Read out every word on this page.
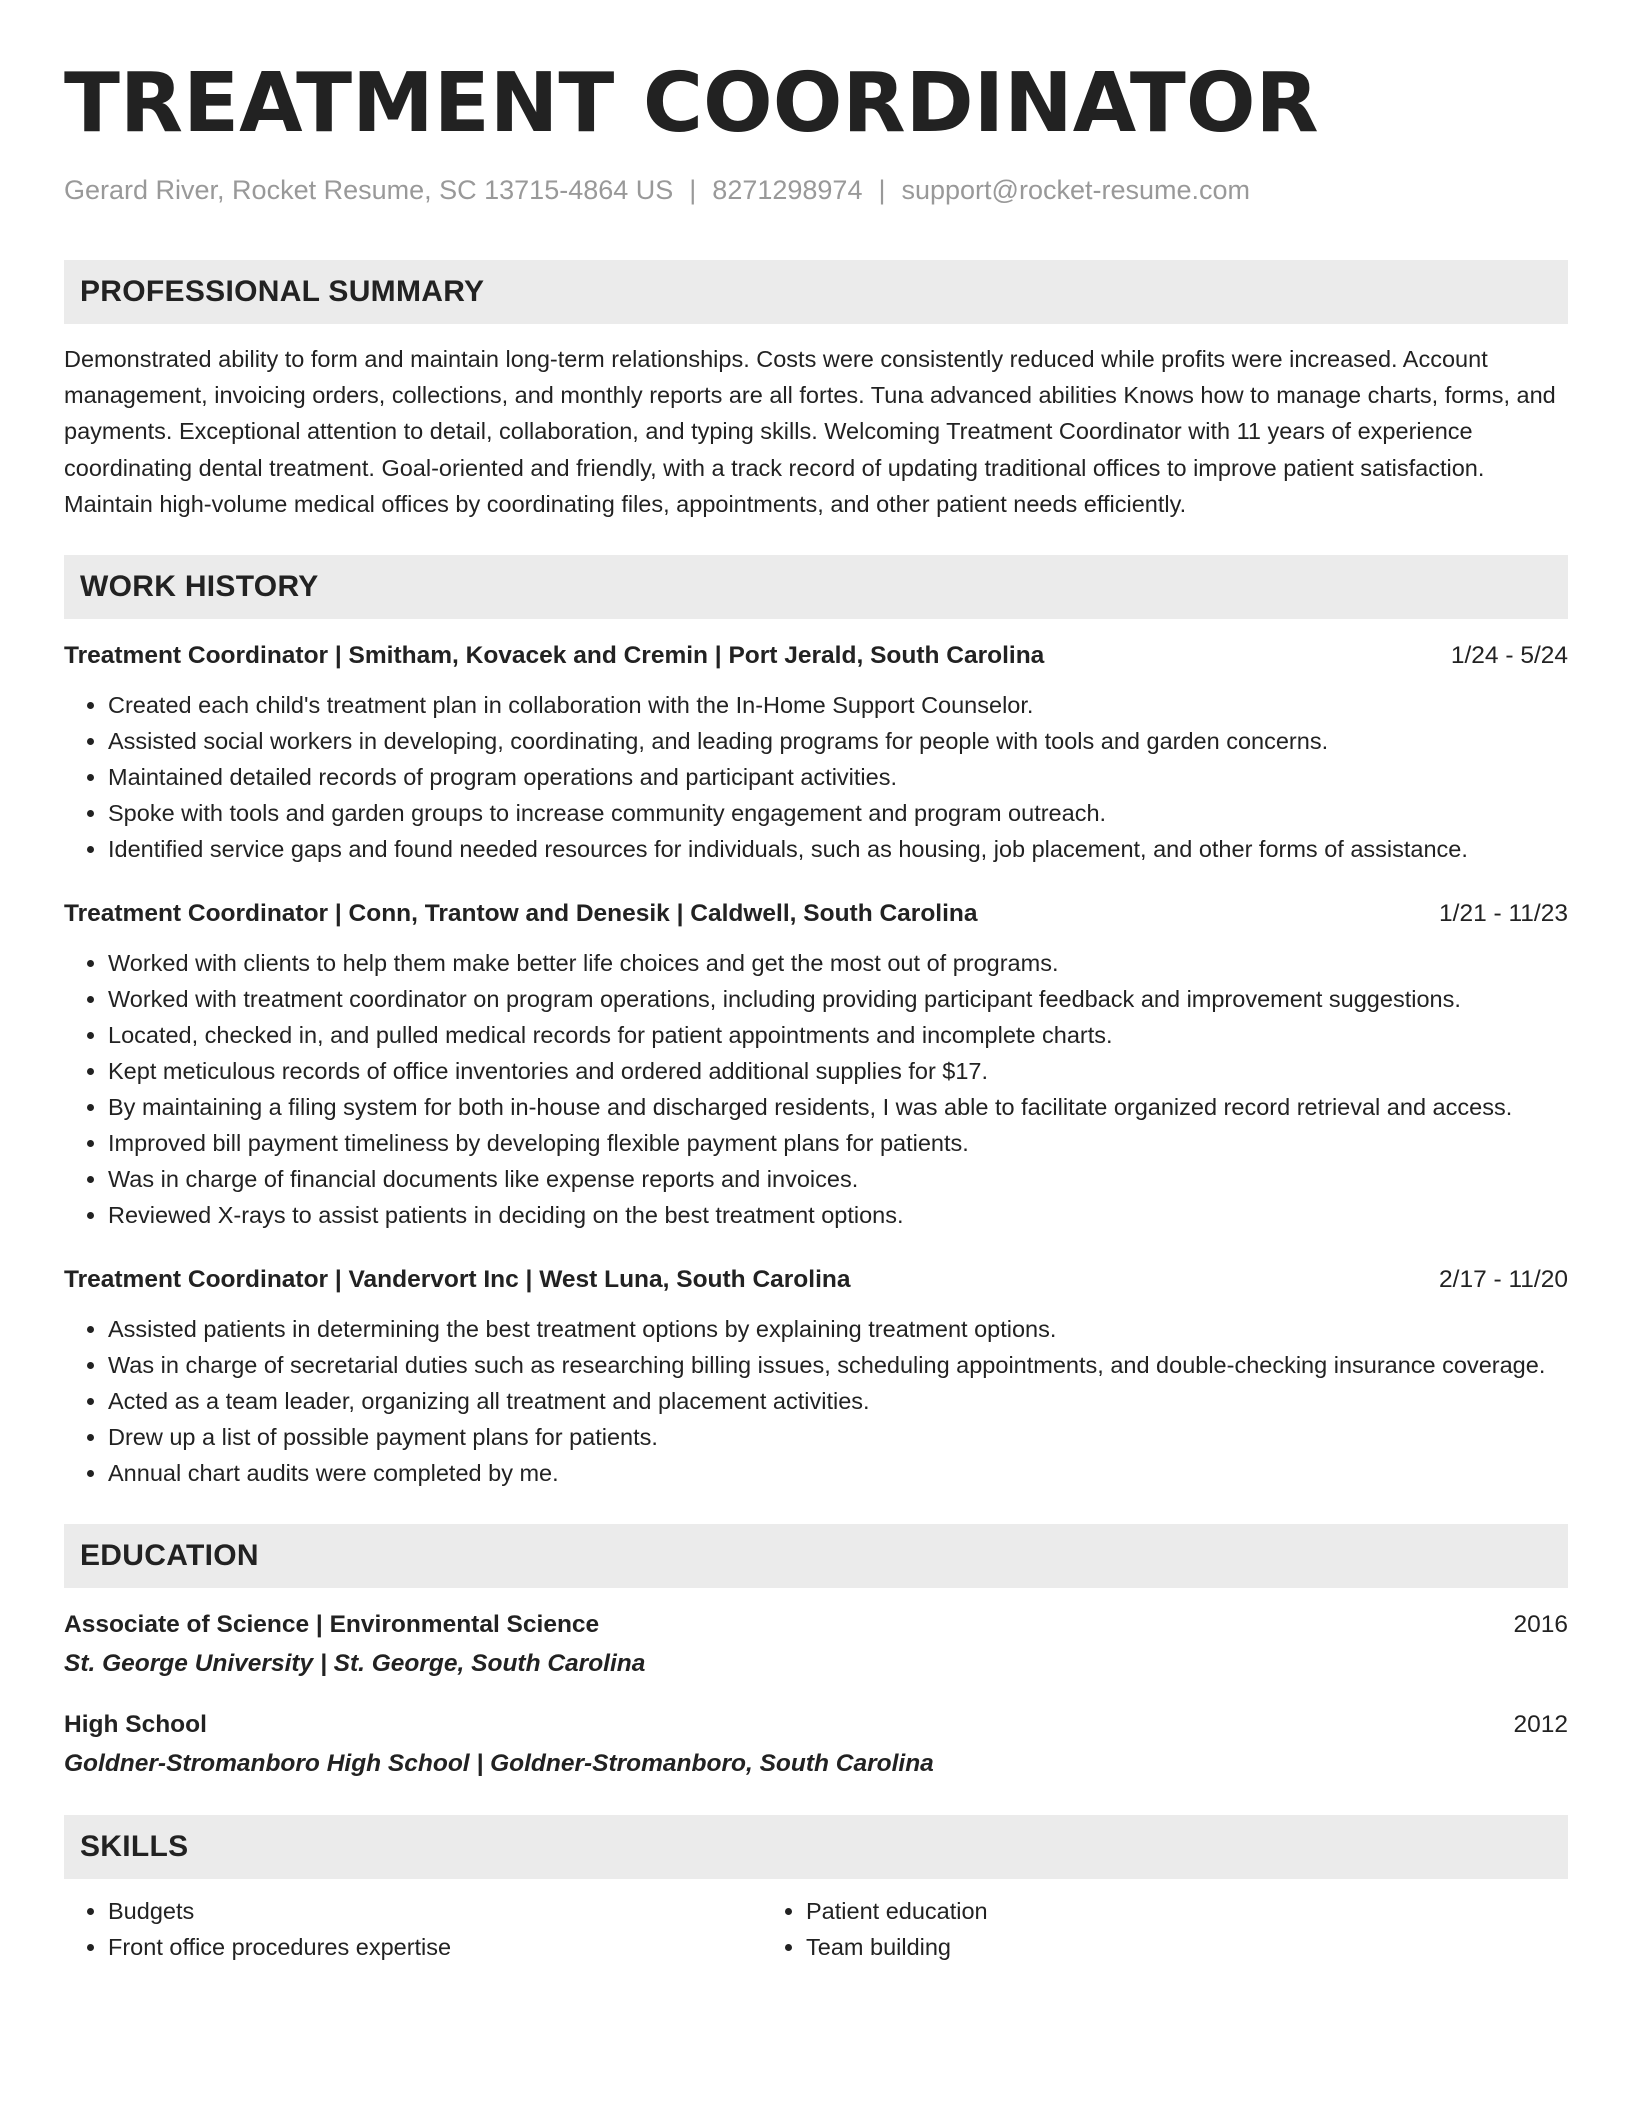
TREATMENT COORDINATOR
Gerard River, Rocket Resume, SC 13715-4864 US | 8271298974 | support@rocket-resume.com
PROFESSIONAL SUMMARY
Demonstrated ability to form and maintain long-term relationships. Costs were consistently reduced while profits were increased. Account management, invoicing orders, collections, and monthly reports are all fortes. Tuna advanced abilities Knows how to manage charts, forms, and payments. Exceptional attention to detail, collaboration, and typing skills. Welcoming Treatment Coordinator with 11 years of experience coordinating dental treatment. Goal-oriented and friendly, with a track record of updating traditional offices to improve patient satisfaction. Maintain high-volume medical offices by coordinating files, appointments, and other patient needs efficiently.
WORK HISTORY
Treatment Coordinator | Smitham, Kovacek and Cremin | Port Jerald, South Carolina	1/24 - 5/24
• Created each child's treatment plan in collaboration with the In-Home Support Counselor.
• Assisted social workers in developing, coordinating, and leading programs for people with tools and garden concerns.
• Maintained detailed records of program operations and participant activities.
• Spoke with tools and garden groups to increase community engagement and program outreach.
• Identified service gaps and found needed resources for individuals, such as housing, job placement, and other forms of assistance.
Treatment Coordinator | Conn, Trantow and Denesik | Caldwell, South Carolina	1/21 - 11/23
• Worked with clients to help them make better life choices and get the most out of programs.
• Worked with treatment coordinator on program operations, including providing participant feedback and improvement suggestions.
• Located, checked in, and pulled medical records for patient appointments and incomplete charts.
• Kept meticulous records of office inventories and ordered additional supplies for $17.
• By maintaining a filing system for both in-house and discharged residents, I was able to facilitate organized record retrieval and access.
• Improved bill payment timeliness by developing flexible payment plans for patients.
• Was in charge of financial documents like expense reports and invoices.
• Reviewed X-rays to assist patients in deciding on the best treatment options.
Treatment Coordinator | Vandervort Inc | West Luna, South Carolina	2/17 - 11/20
• Assisted patients in determining the best treatment options by explaining treatment options.
• Was in charge of secretarial duties such as researching billing issues, scheduling appointments, and double-checking insurance coverage.
• Acted as a team leader, organizing all treatment and placement activities.
• Drew up a list of possible payment plans for patients.
• Annual chart audits were completed by me.
EDUCATION
Associate of Science | Environmental Science	2016
St. George University | St. George, South Carolina
High School	2012
Goldner-Stromanboro High School | Goldner-Stromanboro, South Carolina
SKILLS
• Budgets
• Front office procedures expertise
• Patient education
• Team building
